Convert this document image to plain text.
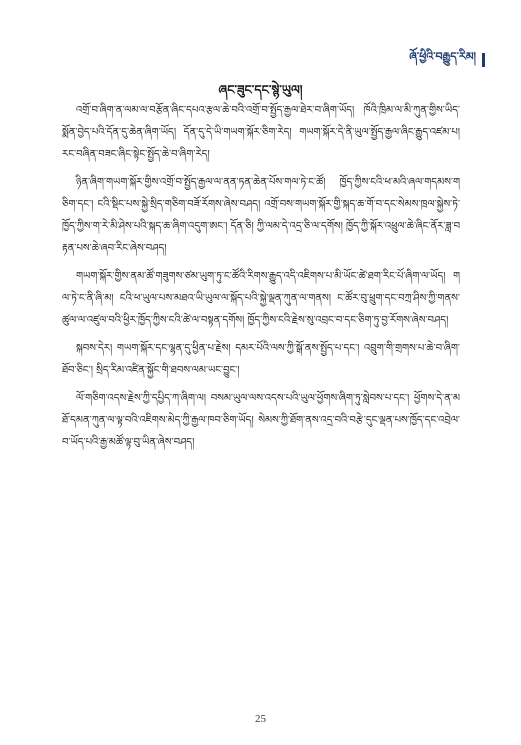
ཞོ་ཕྱིའི་བརྒྱུད་རིམ།
ཞང་ཟུང་དང་སྙེ་ཡུལ།

འགྲོ་བ་ཞིག་ན་ལམ་ལ་བརྩོན་ཞིང་དཔའ་རྩལ་ཆེ་བའི་འགྲོ་བ་སྤྱོད་རྒྱལ་ཐེར་བ་ཞིག་ཡོད། ཁོའི་ཁྲིམ་ལ་མི་ཀུན་གྱིས་ཡིད་སྨོན་བྱེད་པའི་དོན་དུ་ཆེན་ཞིག་ཡོད། དོན་དུ་དེ་ཡི་གཡག་སྐོར་ཅིག་རེད། གཡག་སྐོར་དེ་ནི་ཡུལ་སྤྱོད་རྒྱལ་ཞིང་རྒྱུད་འཛམ་པ། རང་བཞིན་བཟང་ཞིང་སྟེང་སྤྱོད་ཆེ་བ་ཞིག་རེད།

ཉིན་ཞིག་གཡག་སྐོར་གྱིས་འགྲོ་བ་སྤྱོད་རྒྱལ་ལ་ནན་ཏན་ཆེན་པོས་གལ་ཏེ་ང་ཚོ། ཁྱོད་ཀྱིས་ངའི་ཕ་མའི་ཞལ་གདམས་གཅིག་དང་། ངའི་སྡིང་པས་སྐྱེ་སྲིད་གཅིག་བཟོ་རོགས་ཞེས་བཤད། འགྲོ་བས་གཡག་སྐོར་གྱི་སྐད་ཆ་གོ་བ་དང་སེམས་ཁྲལ་སྐྱེས་ཏེ་ཁྱོད་ཀྱིས་ག་རེ་མི་ཤེས་པའི་སྐད་ཆ་ཞིག་འདུག་ཨང་། དོན་ཅི། ཀྱི་ལམ་དེ་འདྲ་ཅི་ལ་དགོས། ཁྱོད་ཀྱི་སྐོར་འཕྲུལ་ཆེ་ཞིང་ནོར་ཟླ་བརྟན་པས་ཆེ་ཞབ་རིང་ཞེས་བཤད།

གཡག་སྐོར་གྱིས་ནམ་ཚོ་གཟུགས་ཙམ་ཡུག་ཏུ་ང་ཚོའི་རིགས་རྒྱུད་འདི་འཇིགས་པ་མི་ཡོང་ཚེ་ཐག་རིང་པོ་ཞིག་ལ་ཡོད། གལ་ཏེ་ང་ནི་ཞི་མ། ངའི་ཕ་ཡུལ་པས་མཐའ་ཡི་ཡུལ་ལ་སྐོད་པའི་སྐྱེ་ལྡན་ཀུན་ལ་གནས། ང་ཚོར་བུ་ཕྲུག་དང་བཀྲ་ཤིས་ཀྱི་གནས་ཚུལ་ལ་འཛུལ་བའི་ཕྱིར་ཁྱོད་ཀྱིས་ངའི་ཚེ་ལ་བསྟན་དགོས། ཁྱོད་ཀྱིས་ངའི་རྗེས་སུ་འབྲང་བ་དང་ཅིག་ཏུ་བྱ་རོགས་ཞེས་བཤད།

སྐབས་དེར། གཡག་སྐོར་དང་ལྷན་དུ་ཕྱིན་པ་རྗེས། དམར་པོའི་ལས་ཀྱི་སྒོ་ནས་སྤྱོད་པ་དང་། འབྲུག་གི་གྲགས་པ་ཆེ་བ་ཞིག་ཐོབ་ཅིང་། སྲིད་རིམ་འཛིན་སྐྱོང་གི་ཐབས་ལམ་ཡང་བྱུང་།

ལོ་གཅིག་འདས་རྗེས་ཀྱི་དཔྱིད་ཀ་ཞིག་ལ། བསམ་ཡུལ་ལས་འདས་པའི་ཡུལ་ཕྱོགས་ཞིག་ཏུ་སླེབས་པ་དང་། ཕྱོགས་དེ་ན་མཐོ་དམན་ཀུན་ལ་ལྟ་བའི་འཇིགས་མེད་ཀྱི་རྒྱལ་ཁབ་ཅིག་ཡོད། སེམས་ཀྱི་ཐོག་ནས་འདྲ་བའི་བརྩེ་དུང་ལྡན་པས་ཁྱོད་དང་འབྲེལ་བ་ཡོད་པའི་རྒྱ་མཚོ་ལྟ་བུ་ཡིན་ཞེས་བཤད།

25
